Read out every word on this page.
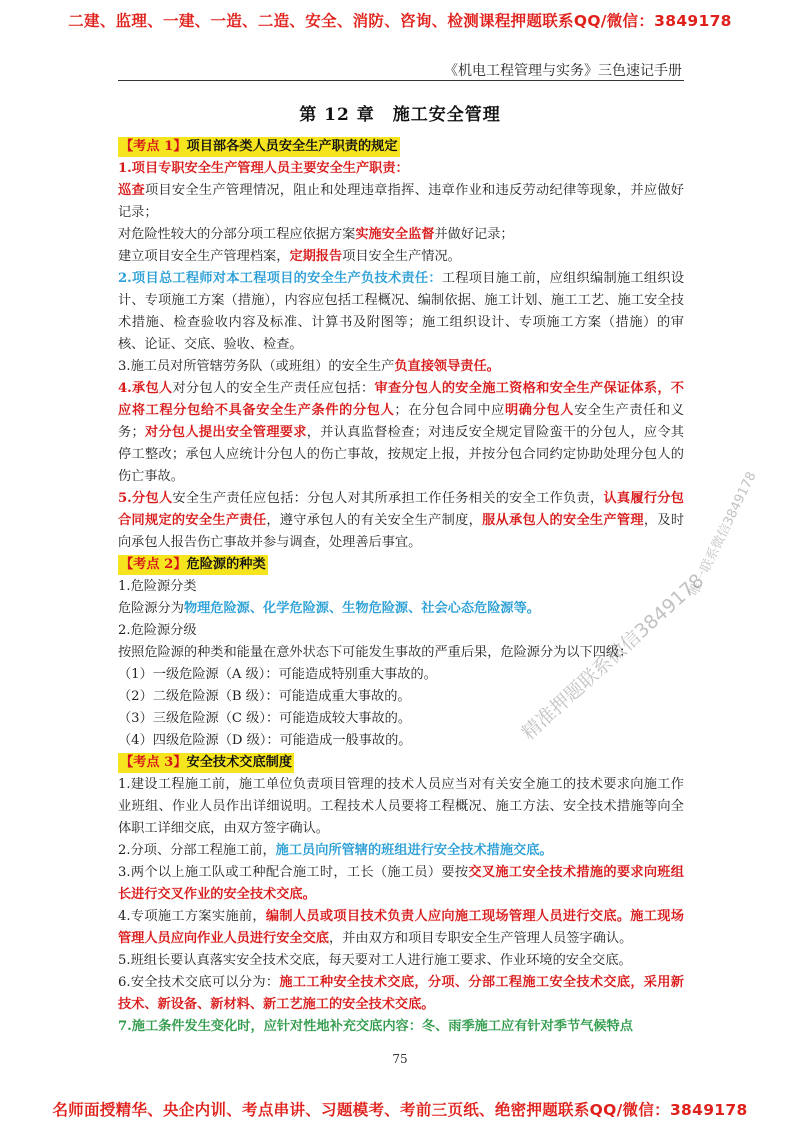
二建、监理、一建、一造、二造、安全、消防、咨询、检测课程押题联系QQ/微信：3849178
《机电工程管理与实务》三色速记手册
第 12 章　施工安全管理
【考点 1】项目部各类人员安全生产职责的规定

1.项目专职安全生产管理人员主要安全生产职责：

巡查项目安全生产管理情况，阻止和处理违章指挥、违章作业和违反劳动纪律等现象，并应做好记录；

对危险性较大的分部分项工程应依据方案实施安全监督并做好记录；

建立项目安全生产管理档案，定期报告项目安全生产情况。

2.项目总工程师对本工程项目的安全生产负技术责任：工程项目施工前，应组织编制施工组织设计、专项施工方案（措施），内容应包括工程概况、编制依据、施工计划、施工工艺、施工安全技术措施、检查验收内容及标准、计算书及附图等；施工组织设计、专项施工方案（措施）的审核、论证、交底、验收、检查。

3.施工员对所管辖劳务队（或班组）的安全生产负直接领导责任。

4.承包人对分包人的安全生产责任应包括：审查分包人的安全施工资格和安全生产保证体系，不应将工程分包给不具备安全生产条件的分包人；在分包合同中应明确分包人安全生产责任和义务；对分包人提出安全管理要求，并认真监督检查；对违反安全规定冒险蛮干的分包人，应令其停工整改；承包人应统计分包人的伤亡事故，按规定上报，并按分包合同约定协助处理分包人的伤亡事故。

5.分包人安全生产责任应包括：分包人对其所承担工作任务相关的安全工作负责，认真履行分包合同规定的安全生产责任，遵守承包人的有关安全生产制度，服从承包人的安全生产管理，及时向承包人报告伤亡事故并参与调查，处理善后事宜。

【考点 2】危险源的种类

1.危险源分类

危险源分为物理危险源、化学危险源、生物危险源、社会心态危险源等。

2.危险源分级

按照危险源的种类和能量在意外状态下可能发生事故的严重后果，危险源分为以下四级：

（1）一级危险源（A 级）：可能造成特别重大事故的。

（2）二级危险源（B 级）：可能造成重大事故的。

（3）三级危险源（C 级）：可能造成较大事故的。

（4）四级危险源（D 级）：可能造成一般事故的。

【考点 3】安全技术交底制度

1.建设工程施工前，施工单位负责项目管理的技术人员应当对有关安全施工的技术要求向施工作业班组、作业人员作出详细说明。工程技术人员要将工程概况、施工方法、安全技术措施等向全体职工详细交底，由双方签字确认。

2.分项、分部工程施工前，施工员向所管辖的班组进行安全技术措施交底。

3.两个以上施工队或工种配合施工时，工长（施工员）要按交叉施工安全技术措施的要求向班组长进行交叉作业的安全技术交底。

4.专项施工方案实施前，编制人员或项目技术负责人应向施工现场管理人员进行交底。施工现场管理人员应向作业人员进行安全交底，并由双方和项目专职安全生产管理人员签字确认。

5.班组长要认真落实安全技术交底，每天要对工人进行施工要求、作业环境的安全交底。

6.安全技术交底可以分为：施工工种安全技术交底，分项、分部工程施工安全技术交底，采用新技术、新设备、新材料、新工艺施工的安全技术交底。

7.施工条件发生变化时，应针对性地补充交底内容：冬、雨季施工应有针对季节气候特点

唯一联系微信3849178
精准押题联系微信3849178
75
名师面授精华、央企内训、考点串讲、习题模考、考前三页纸、绝密押题联系QQ/微信：3849178
